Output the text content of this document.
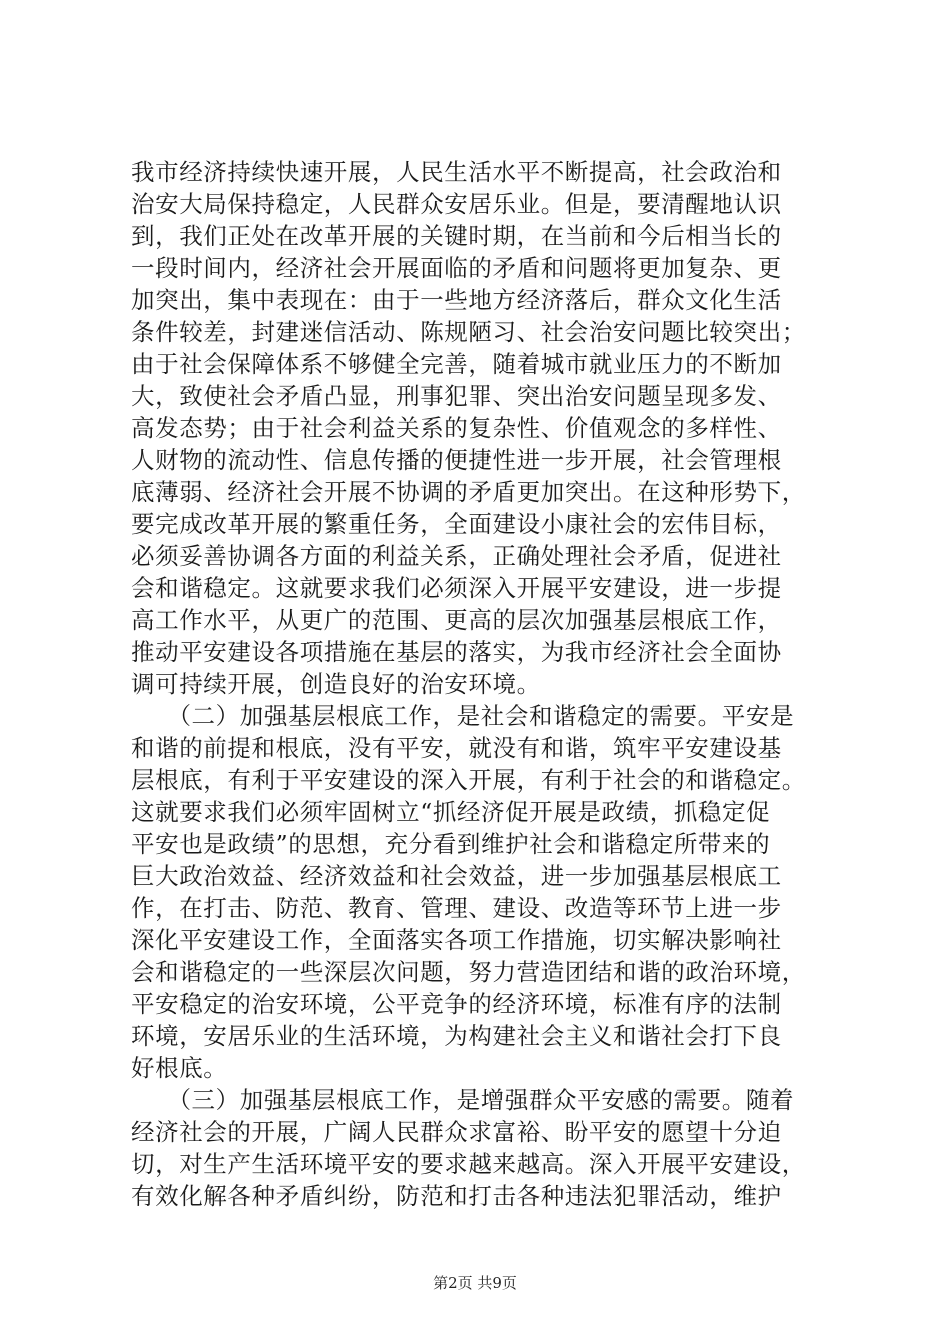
我市经济持续快速开展，人民生活水平不断提高，社会政治和
治安大局保持稳定，人民群众安居乐业。但是，要清醒地认识
到，我们正处在改革开展的关键时期，在当前和今后相当长的
一段时间内，经济社会开展面临的矛盾和问题将更加复杂、更
加突出，集中表现在：由于一些地方经济落后，群众文化生活
条件较差，封建迷信活动、陈规陋习、社会治安问题比较突出；
由于社会保障体系不够健全完善，随着城市就业压力的不断加
大，致使社会矛盾凸显，刑事犯罪、突出治安问题呈现多发、
高发态势；由于社会利益关系的复杂性、价值观念的多样性、
人财物的流动性、信息传播的便捷性进一步开展，社会管理根
底薄弱、经济社会开展不协调的矛盾更加突出。在这种形势下，
要完成改革开展的繁重任务，全面建设小康社会的宏伟目标，
必须妥善协调各方面的利益关系，正确处理社会矛盾，促进社
会和谐稳定。这就要求我们必须深入开展平安建设，进一步提
高工作水平，从更广的范围、更高的层次加强基层根底工作，
推动平安建设各项措施在基层的落实，为我市经济社会全面协
调可持续开展，创造良好的治安环境。
　　（二）加强基层根底工作，是社会和谐稳定的需要。平安是
和谐的前提和根底，没有平安，就没有和谐，筑牢平安建设基
层根底，有利于平安建设的深入开展，有利于社会的和谐稳定。
这就要求我们必须牢固树立“抓经济促开展是政绩，抓稳定促
平安也是政绩”的思想，充分看到维护社会和谐稳定所带来的
巨大政治效益、经济效益和社会效益，进一步加强基层根底工
作，在打击、防范、教育、管理、建设、改造等环节上进一步
深化平安建设工作，全面落实各项工作措施，切实解决影响社
会和谐稳定的一些深层次问题，努力营造团结和谐的政治环境，
平安稳定的治安环境，公平竞争的经济环境，标准有序的法制
环境，安居乐业的生活环境，为构建社会主义和谐社会打下良
好根底。
　　（三）加强基层根底工作，是增强群众平安感的需要。随着
经济社会的开展，广阔人民群众求富裕、盼平安的愿望十分迫
切，对生产生活环境平安的要求越来越高。深入开展平安建设，
有效化解各种矛盾纠纷，防范和打击各种违法犯罪活动，维护
第2页 共9页
